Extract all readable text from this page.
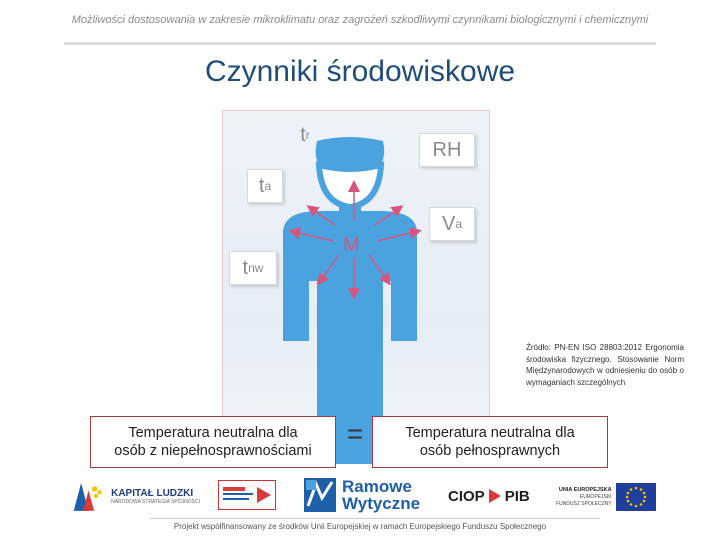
Możliwości dostosowania w zakresie mikroklimatu oraz zagrożeń szkodliwymi czynnikami biologicznymi i chemicznymi
Czynniki środowiskowe
M
t r
RH
t a
V a
t nw
Źródło: PN-EN ISO 28803:2012 Ergonomia środowiska fizycznego. Stosowanie Norm Międzynarodowych w odniesieniu do osób o wymaganiach szczególnych
Temperatura neutralna dla
osób z niepełnosprawnościami
=	Temperatura neutralna dla
osób pełnosprawnych
KAPITAŁ LUDZKI
NARODOWA STRATEGIA SPÓJNOŚCI
Ramowe
Wytyczne CIOP PIB	UNIA EUROPEJSKA
EUROPEJSKI
FUNDUSZ SPOŁECZNY
Projekt współfinansowany ze środków Unii Europejskiej w ramach Europejskiego Funduszu Społecznego
